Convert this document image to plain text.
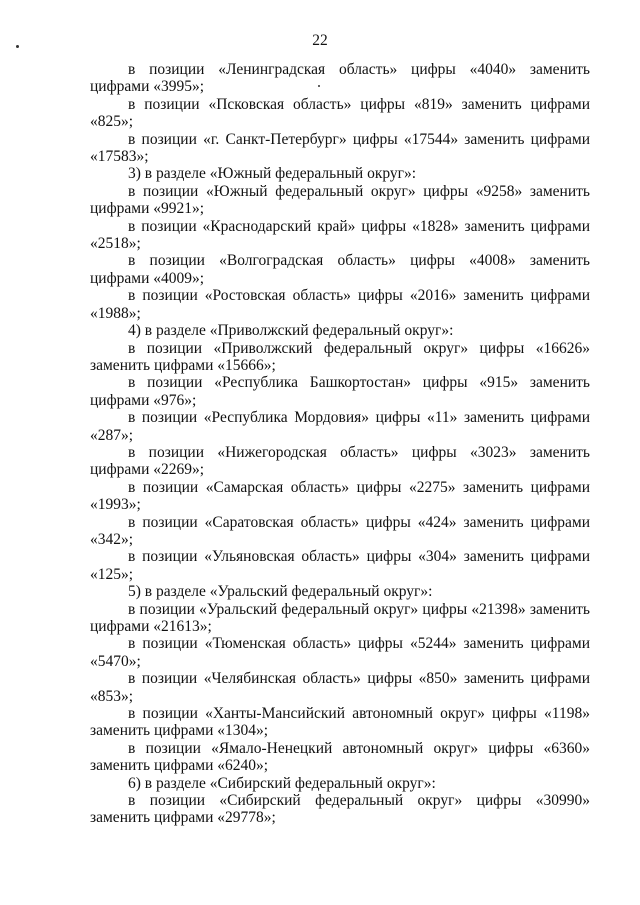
22

в позиции «Ленинградская область» цифры «4040» заменить цифрами «3995»;

в позиции «Псковская область» цифры «819» заменить цифрами «825»;

в позиции «г. Санкт-Петербург» цифры «17544» заменить цифрами «17583»;

3) в разделе «Южный федеральный округ»:

в позиции «Южный федеральный округ» цифры «9258» заменить цифрами «9921»;

в позиции «Краснодарский край» цифры «1828» заменить цифрами «2518»;

в позиции «Волгоградская область» цифры «4008» заменить цифрами «4009»;

в позиции «Ростовская область» цифры «2016» заменить цифрами «1988»;

4) в разделе «Приволжский федеральный округ»:

в позиции «Приволжский федеральный округ» цифры «16626» заменить цифрами «15666»;

в позиции «Республика Башкортостан» цифры «915» заменить цифрами «976»;

в позиции «Республика Мордовия» цифры «11» заменить цифрами «287»;

в позиции «Нижегородская область» цифры «3023» заменить цифрами «2269»;

в позиции «Самарская область» цифры «2275» заменить цифрами «1993»;

в позиции «Саратовская область» цифры «424» заменить цифрами «342»;

в позиции «Ульяновская область» цифры «304» заменить цифрами «125»;

5) в разделе «Уральский федеральный округ»:

в позиции «Уральский федеральный округ» цифры «21398» заменить цифрами «21613»;

в позиции «Тюменская область» цифры «5244» заменить цифрами «5470»;

в позиции «Челябинская область» цифры «850» заменить цифрами «853»;

в позиции «Ханты-Мансийский автономный округ» цифры «1198» заменить цифрами «1304»;

в позиции «Ямало-Ненецкий автономный округ» цифры «6360» заменить цифрами «6240»;

6) в разделе «Сибирский федеральный округ»:

в позиции «Сибирский федеральный округ» цифры «30990» заменить цифрами «29778»;
